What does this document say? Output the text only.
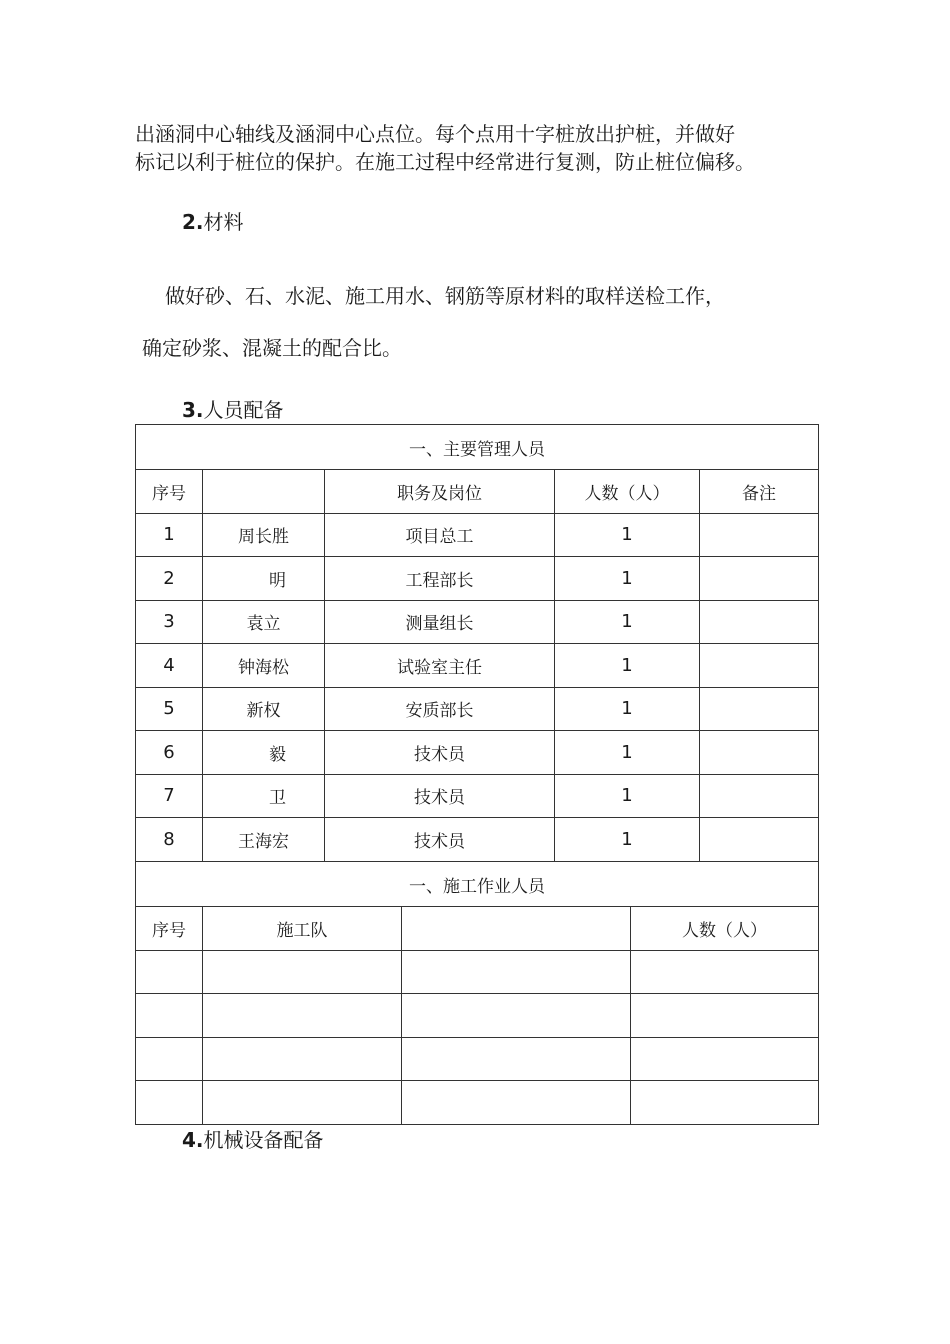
出涵洞中心轴线及涵洞中心点位。每个点用十字桩放出护桩，并做好
标记以利于桩位的保护。在施工过程中经常进行复测，防止桩位偏移。
2.材料
做好砂、石、水泥、施工用水、钢筋等原材料的取样送检工作，
确定砂浆、混凝土的配合比。
3.人员配备
一、主要管理人员				
序号		职务及岗位	人数（人）	备注
1	周长胜	项目总工	1	
2	明	工程部长	1	
3	袁立	测量组长	1	
4	钟海松	试验室主任	1	
5	新权	安质部长	1	
6	毅	技术员	1	
7	卫	技术员	1	
8	王海宏	技术员	1	
一、施工作业人员			
序号	施工队		人数（人）

4.机械设备配备
